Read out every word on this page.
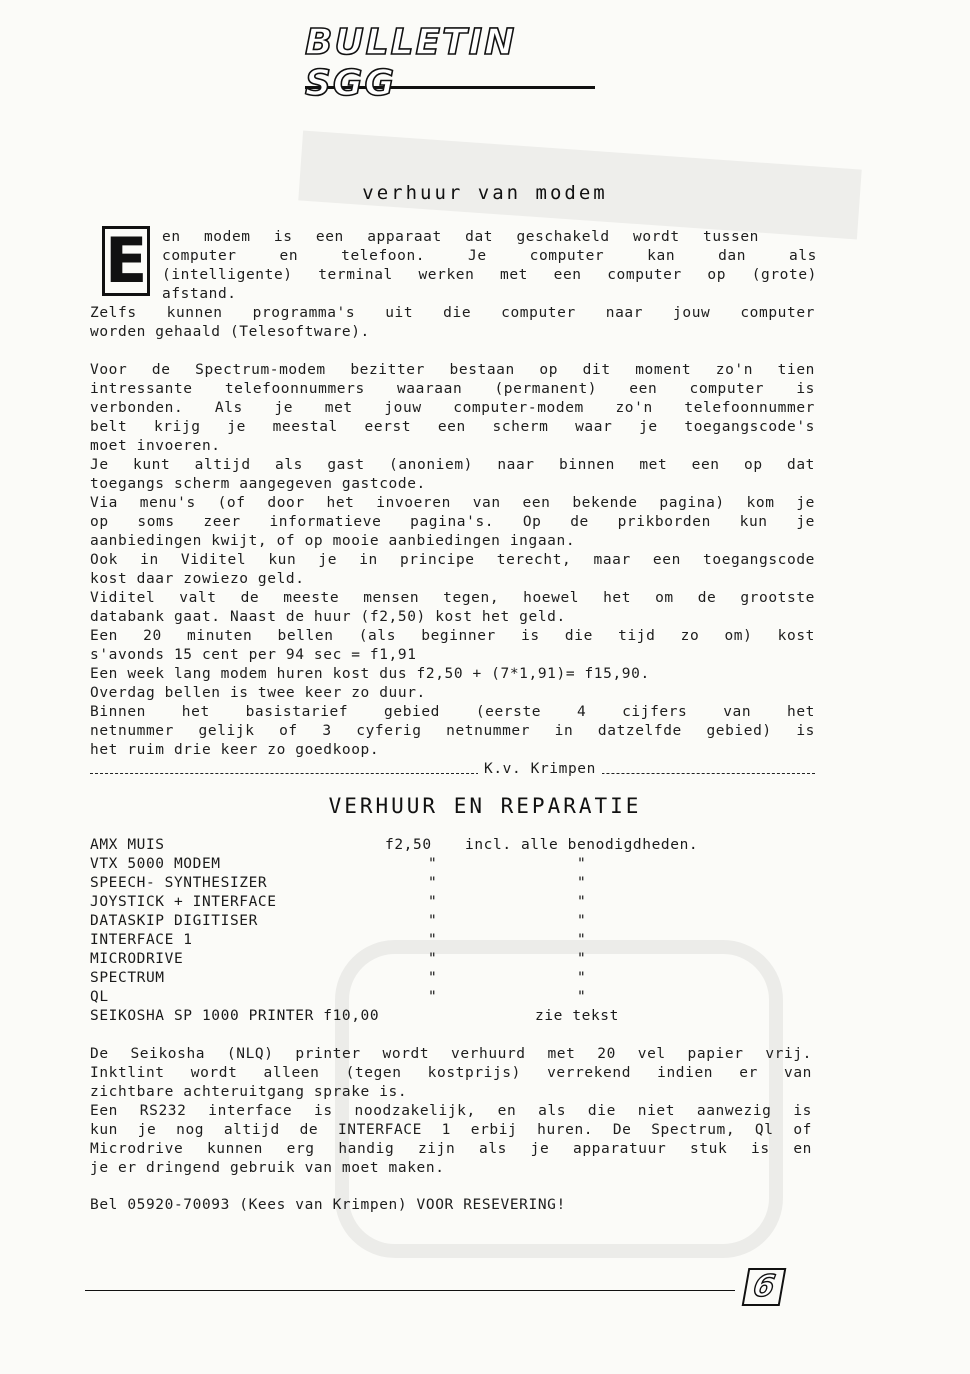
BULLETIN SGG
verhuur van modem
E en modem is een apparaat dat geschakeld wordt tussen
computer en telefoon. Je computer kan dan als
(intelligente) terminal werken met een computer op (grote)
afstand.
Zelfs kunnen programma's uit die computer naar jouw computer
worden gehaald (Telesoftware).
Voor de Spectrum-modem bezitter bestaan op dit moment zo'n tien
intressante telefoonnummers waaraan (permanent) een computer is
verbonden. Als je met jouw computer-modem zo'n telefoonnummer
belt krijg je meestal eerst een scherm waar je toegangscode's
moet invoeren.
Je kunt altijd als gast (anoniem) naar binnen met een op dat
toegangs scherm aangegeven gastcode.
Via menu's (of door het invoeren van een bekende pagina) kom je
op soms zeer informatieve pagina's. Op de prikborden kun je
aanbiedingen kwijt, of op mooie aanbiedingen ingaan.
Ook in Viditel kun je in principe terecht, maar een toegangscode
kost daar zowiezo geld.
Viditel valt de meeste mensen tegen, hoewel het om de grootste
databank gaat. Naast de huur (f2,50) kost het geld.
Een 20 minuten bellen (als beginner is die tijd zo om) kost
s'avonds 15 cent per 94 sec = f1,91
Een week lang modem huren kost dus f2,50 + (7*1,91)= f15,90.
Overdag bellen is twee keer zo duur.
Binnen het basistarief gebied (eerste 4 cijfers van het
netnummer gelijk of 3 cyferig netnummer in datzelfde gebied) is
het ruim drie keer zo goedkoop.
K.v. Krimpen
VERHUUR EN REPARATIE
AMX MUIS	f2,50 incl. alle benodigdheden.
VTX 5000 MODEM	"	"
SPEECH- SYNTHESIZER	"	"
JOYSTICK + INTERFACE	"	"
DATASKIP DIGITISER	"	"
INTERFACE 1	"	"
MICRODRIVE	"	"
SPECTRUM	"	"
QL	"	"
SEIKOSHA SP 1000 PRINTER f10,00	zie tekst
De Seikosha (NLQ) printer wordt verhuurd met 20 vel papier vrij.
Inktlint wordt alleen (tegen kostprijs) verrekend indien er van
zichtbare achteruitgang sprake is.
Een RS232 interface is noodzakelijk, en als die niet aanwezig is
kun je nog altijd de INTERFACE 1 erbij huren. De Spectrum, Ql of
Microdrive kunnen erg handig zijn als je apparatuur stuk is en
je er dringend gebruik van moet maken.
Bel 05920-70093 (Kees van Krimpen) VOOR RESEVERING!
6
